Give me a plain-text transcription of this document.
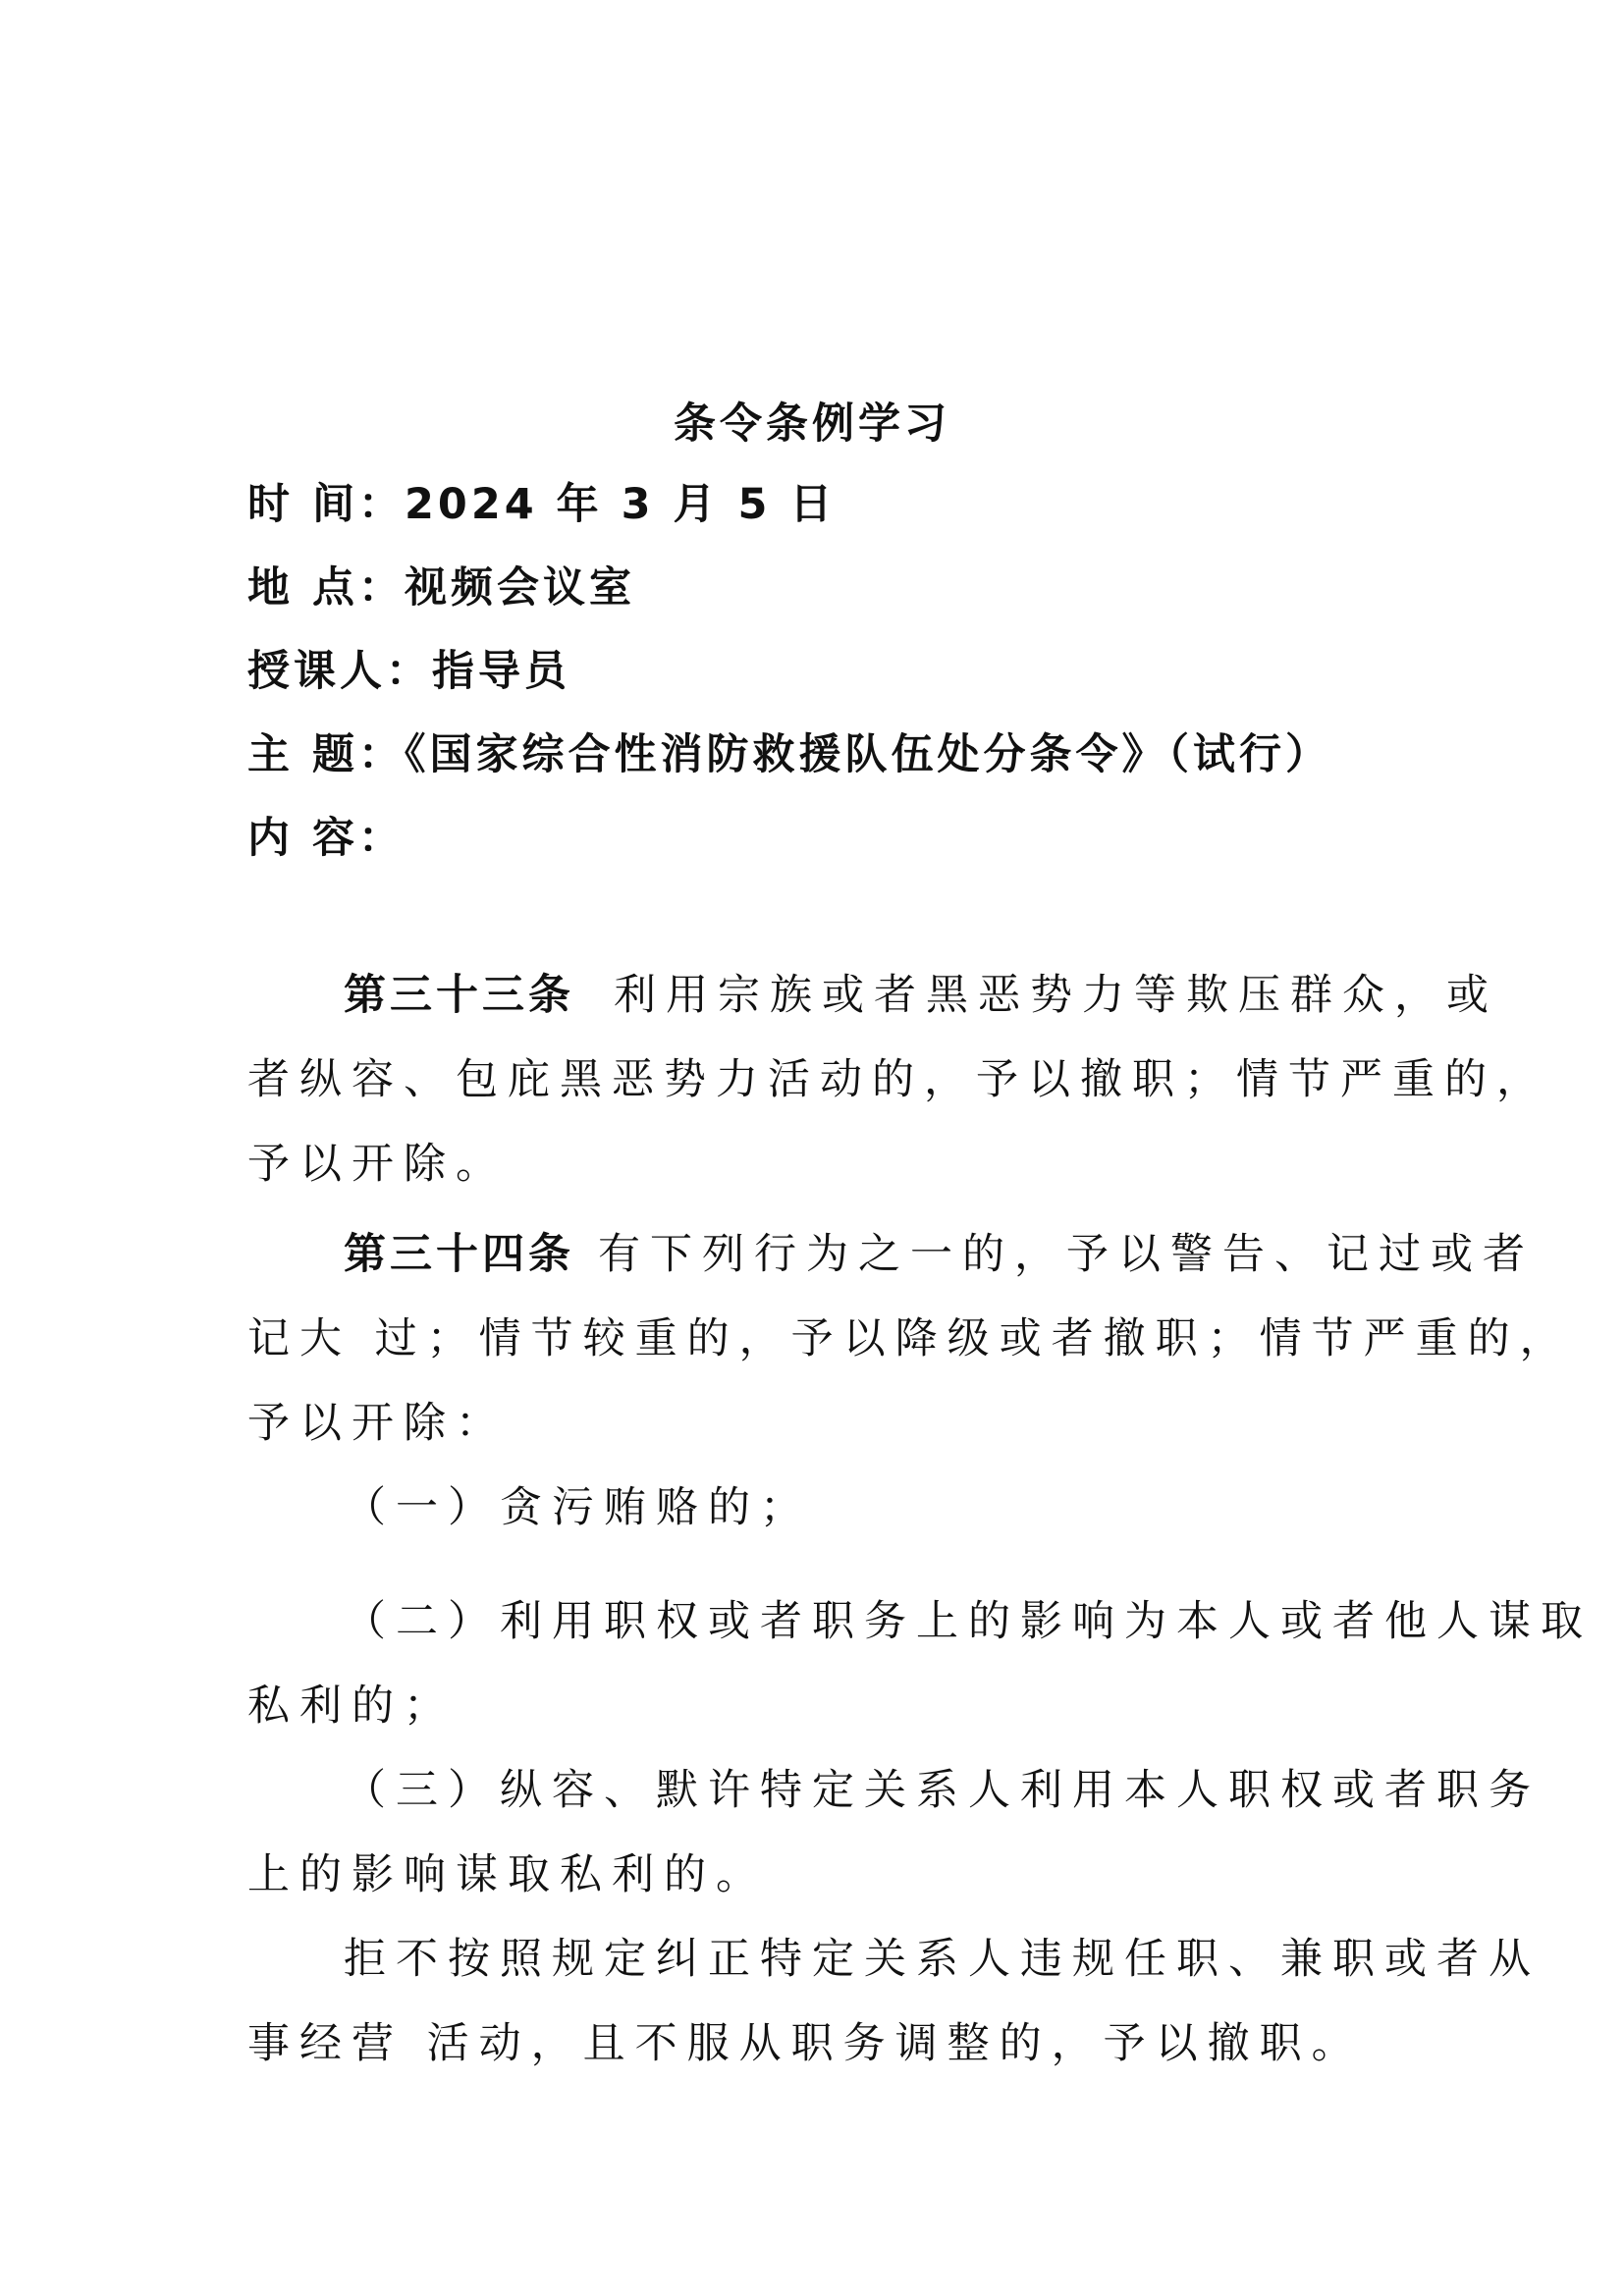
条令条例学习
时 间：2024 年 3 月 5 日
地 点：视频会议室
授课人：指导员
主 题：《国家综合性消防救援队伍处分条令》（试行）
内 容：
第三十三条 利用宗族或者黑恶势力等欺压群众，或
者纵容、包庇黑恶势力活动的，予以撤职；情节严重的，
予以开除。
第三十四条 有下列行为之一的，予以警告、记过或者
记大 过；情节较重的，予以降级或者撤职；情节严重的，
予以开除：
（一）贪污贿赂的；
（二）利用职权或者职务上的影响为本人或者他人谋取
私利的；
（三）纵容、默许特定关系人利用本人职权或者职务
上的影响谋取私利的。
拒不按照规定纠正特定关系人违规任职、兼职或者从
事经营 活动，且不服从职务调整的，予以撤职。
